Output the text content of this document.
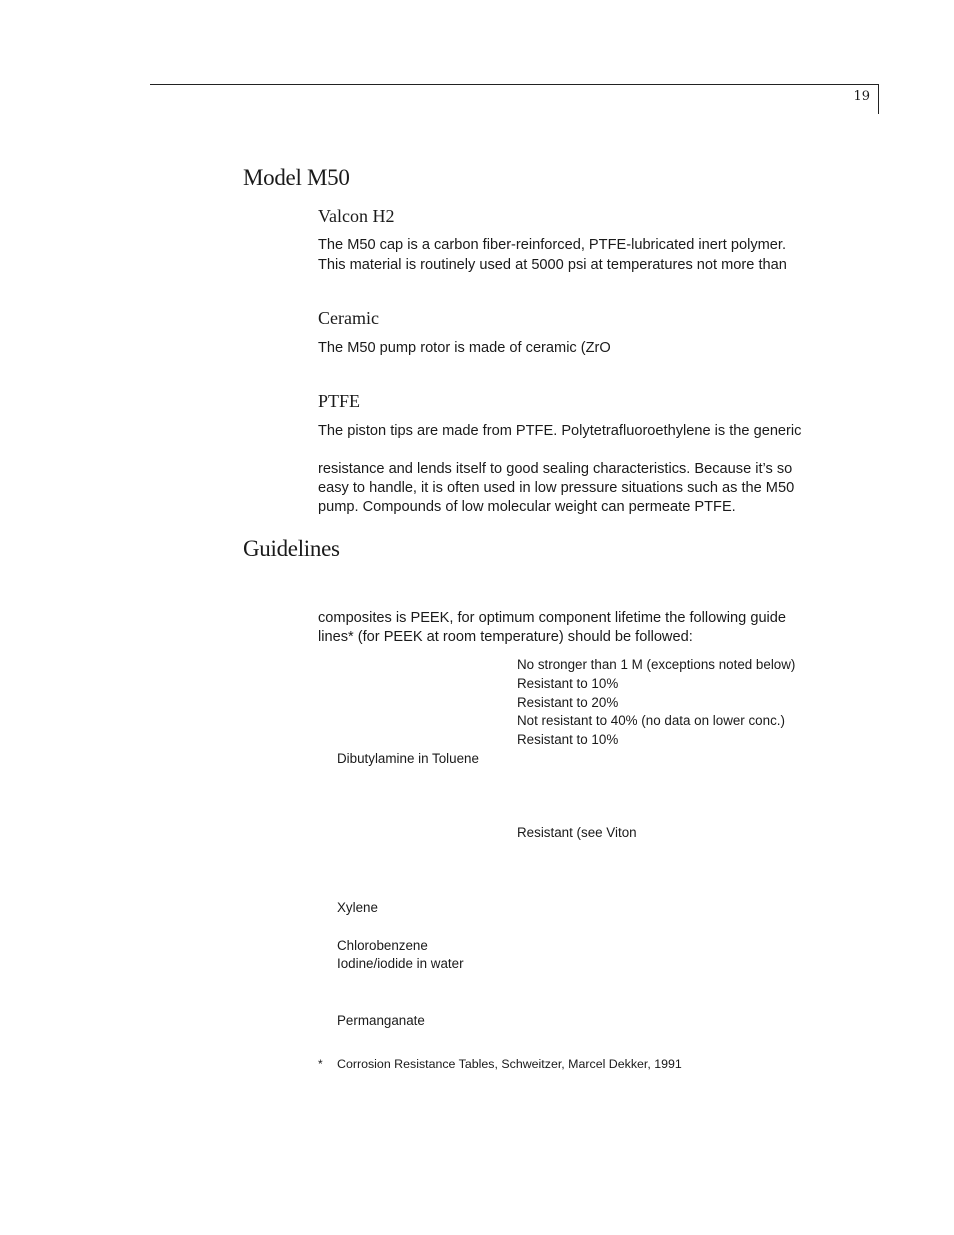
19
Model M50
Valcon H2

The M50 cap is a carbon fiber-reinforced, PTFE-lubricated inert polymer.

This material is routinely used at 5000 psi at temperatures not more than

Ceramic

The M50 pump rotor is made of ceramic (ZrO

PTFE

The piston tips are made from PTFE. Polytetrafluoroethylene is the generic

resistance and lends itself to good sealing characteristics. Because it’s so

easy to handle, it is often used in low pressure situations such as the M50

pump. Compounds of low molecular weight can permeate PTFE.

Guidelines

composites is PEEK, for optimum component lifetime the following guide

lines* (for PEEK at room temperature) should be followed:

No stronger than 1 M (exceptions noted below)
Resistant to 10%
Resistant to 20%
Not resistant to 40% (no data on lower conc.)
Resistant to 10%
Resistant (see Viton
Dibutylamine in Toluene
Xylene
Chlorobenzene
Iodine/iodide in water
Permanganate
* Corrosion Resistance Tables, Schweitzer, Marcel Dekker, 1991
